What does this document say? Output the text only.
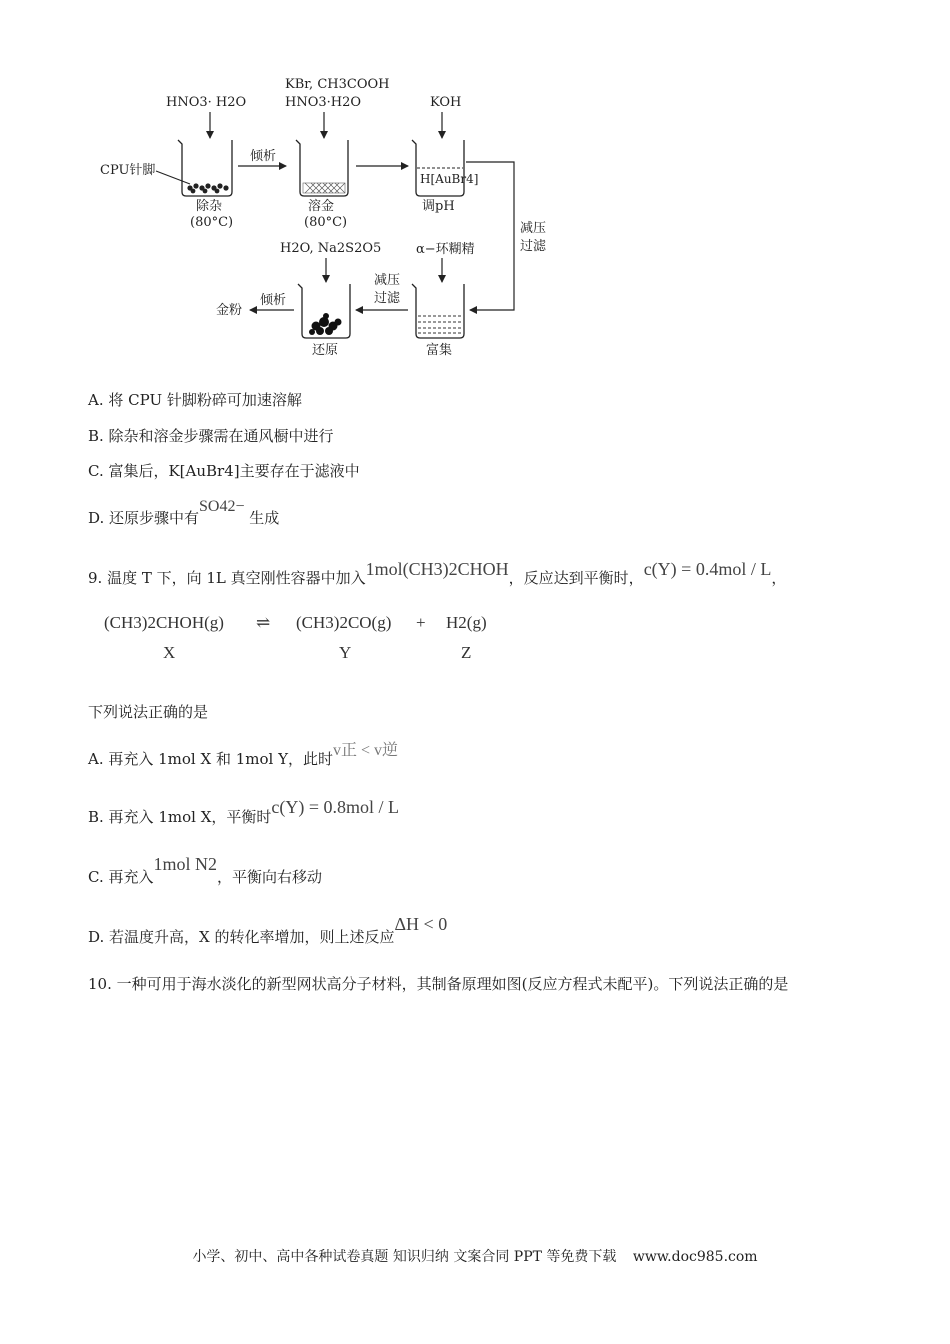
HNO3· H2O
CPU针脚
除杂
(80°C)
倾析
KBr, CH3COOH
HNO3·H2O
溶金
(80°C)
KOH
H[AuBr4]
调pH
减压
过滤
α−环糊精
富集
减压
过滤
H2O, Na2S2O5
还原
倾析
金粉
A. 将 CPU 针脚粉碎可加速溶解
B. 除杂和溶金步骤需在通风橱中进行
C. 富集后，K[AuBr4]主要存在于滤液中
D. 还原步骤中有SO42− 生成
9. 温度 T 下，向 1L 真空刚性容器中加入1mol(CH3)2CHOH，反应达到平衡时，c(Y) = 0.4mol / L，
(CH3)2CHOH(g) ⇌ (CH3)2CO(g) + H2(g)
X	Y	Z
下列说法正确的是
A. 再充入 1mol X 和 1mol Y，此时v正 < v逆
B. 再充入 1mol X，平衡时c(Y) = 0.8mol / L
C. 再充入1mol N2，平衡向右移动
D. 若温度升高，X 的转化率增加，则上述反应ΔH < 0
10. 一种可用于海水淡化的新型网状高分子材料，其制备原理如图(反应方程式未配平)。下列说法正确的是
小学、初中、高中各种试卷真题 知识归纳 文案合同 PPT 等免费下载 www.doc985.com
